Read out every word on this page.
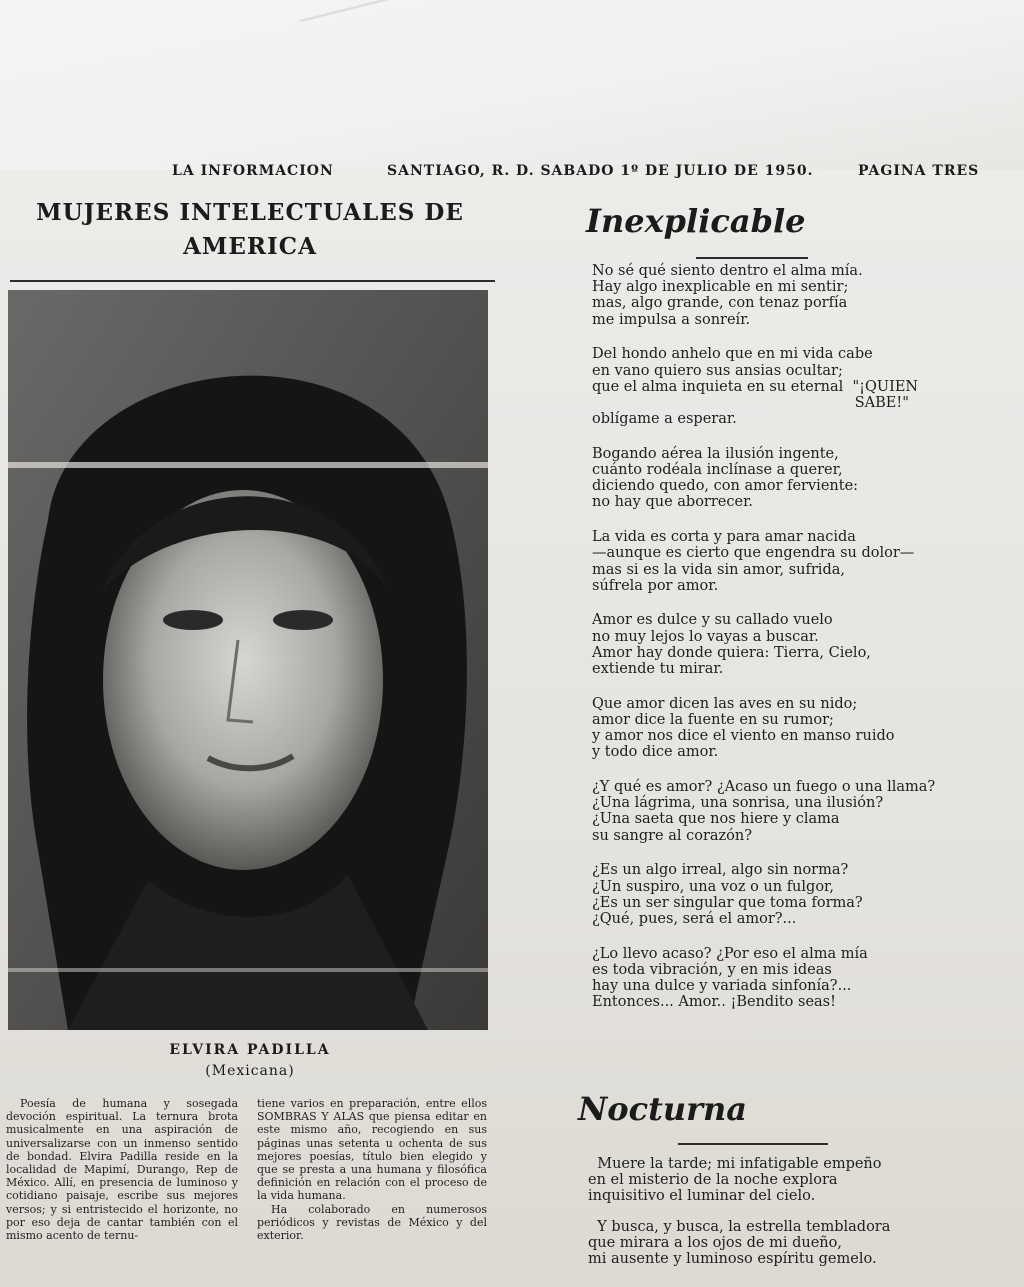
LA INFORMACION	SANTIAGO, R. D. SABADO 1º DE JULIO DE 1950.	PAGINA TRES
MUJERES INTELECTUALES DE
AMERICA
ELVIRA PADILLA
(Mexicana)

Poesía de humana y sosegada devoción espiritual. La ternura brota musicalmente en una aspiración de universalizarse con un inmenso sentido de bondad. Elvira Padilla reside en la localidad de Mapimí, Durango, Rep de México. Allí, en presencia de luminoso y cotidiano paisaje, escribe sus mejores versos; y si entristecido el horizonte, no por eso deja de cantar también con el mismo acento de ternu-

tiene varios en preparación, entre ellos SOMBRAS Y ALAS que piensa editar en este mismo año, recogiendo en sus páginas unas setenta u ochenta de sus mejores poesías, título bien elegido y que se presta a una humana y filosófica definición en relación con el proceso de la vida humana.

Ha colaborado en numerosos periódicos y revistas de México y del exterior.

Inexplicable
No sé qué siento dentro el alma mía.
Hay algo inexplicable en mi sentir;
mas, algo grande, con tenaz porfía
me impulsa a sonreír.
Del hondo anhelo que en mi vida cabe
en vano quiero sus ansias ocultar;
que el alma inquieta en su eternal  "¡QUIEN
SABE!"
oblígame a esperar.
Bogando aérea la ilusión ingente,
cuánto rodéala inclínase a querer,
diciendo quedo, con amor ferviente:
no hay que aborrecer.
La vida es corta y para amar nacida
—aunque es cierto que engendra su dolor—
mas si es la vida sin amor, sufrida,
súfrela por amor.
Amor es dulce y su callado vuelo
no muy lejos lo vayas a buscar.
Amor hay donde quiera: Tierra, Cielo,
extiende tu mirar.
Que amor dicen las aves en su nido;
amor dice la fuente en su rumor;
y amor nos dice el viento en manso ruido
y todo dice amor.
¿Y qué es amor? ¿Acaso un fuego o una llama?
¿Una lágrima, una sonrisa, una ilusión?
¿Una saeta que nos hiere y clama
su sangre al corazón?
¿Es un algo irreal, algo sin norma?
¿Un suspiro, una voz o un fulgor,
¿Es un ser singular que toma forma?
¿Qué, pues, será el amor?...
¿Lo llevo acaso? ¿Por eso el alma mía
es toda vibración, y en mis ideas
hay una dulce y variada sinfonía?...
Entonces... Amor.. ¡Bendito seas!
Nocturna
Muere la tarde; mi infatigable empeño
en el misterio de la noche explora
inquisitivo el luminar del cielo.
Y busca, y busca, la estrella tembladora
que mirara a los ojos de mi dueño,
mi ausente y luminoso espíritu gemelo.
